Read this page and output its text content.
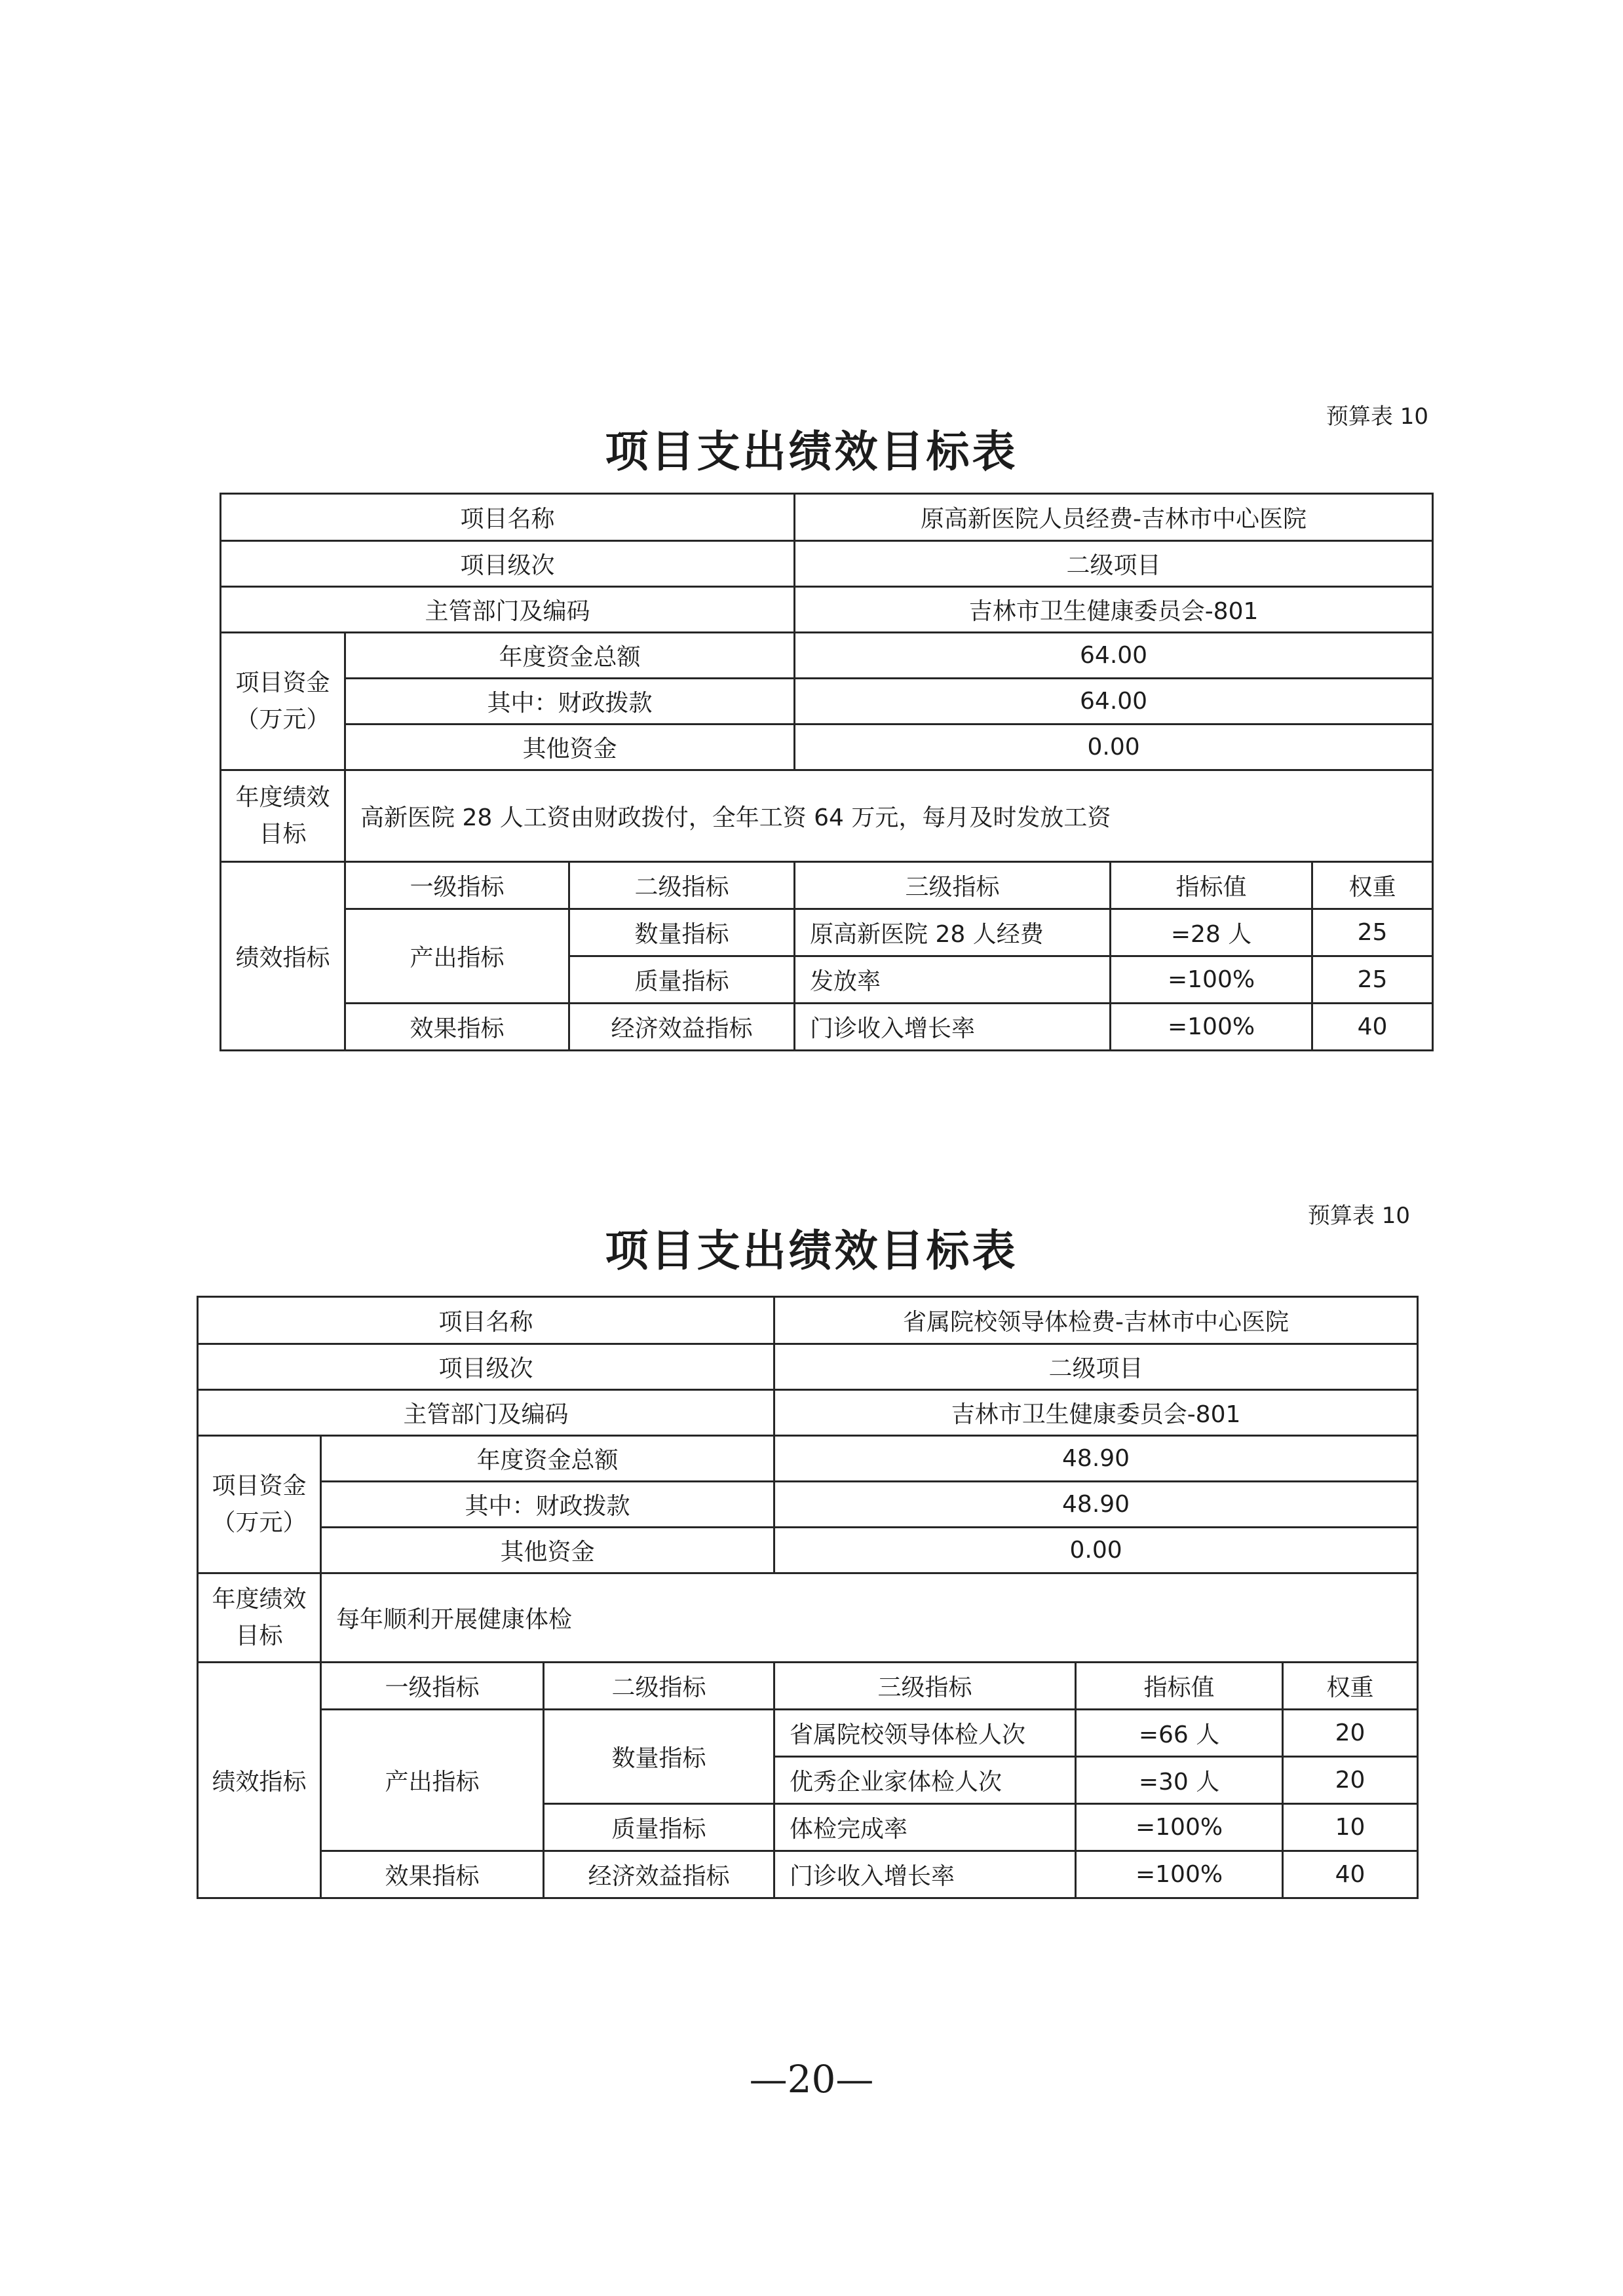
预算表 10
项目支出绩效目标表
项目名称			原高新医院人员经费-吉林市中心医院		
项目级次			二级项目		
主管部门及编码			吉林市卫生健康委员会-801		
项目资金
（万元）	年度资金总额		64.00		
	其中：财政拨款		64.00		
	其他资金		0.00		
年度绩效目标	高新医院 28 人工资由财政拨付，全年工资 64 万元，每月及时发放工资				
绩效指标	一级指标	二级指标	三级指标	指标值	权重
	产出指标	数量指标	原高新医院 28 人经费	=28 人	25
		质量指标	发放率	=100%	25
	效果指标	经济效益指标	门诊收入增长率	=100%	40
预算表 10
项目支出绩效目标表
项目名称			省属院校领导体检费-吉林市中心医院		
项目级次			二级项目		
主管部门及编码			吉林市卫生健康委员会-801		
项目资金
（万元）	年度资金总额		48.90		
	其中：财政拨款		48.90		
	其他资金		0.00		
年度绩效目标	每年顺利开展健康体检				
绩效指标	一级指标	二级指标	三级指标	指标值	权重
	产出指标	数量指标	省属院校领导体检人次	=66 人	20
			优秀企业家体检人次	=30 人	20
		质量指标	体检完成率	=100%	10
	效果指标	经济效益指标	门诊收入增长率	=100%	40
—20—
